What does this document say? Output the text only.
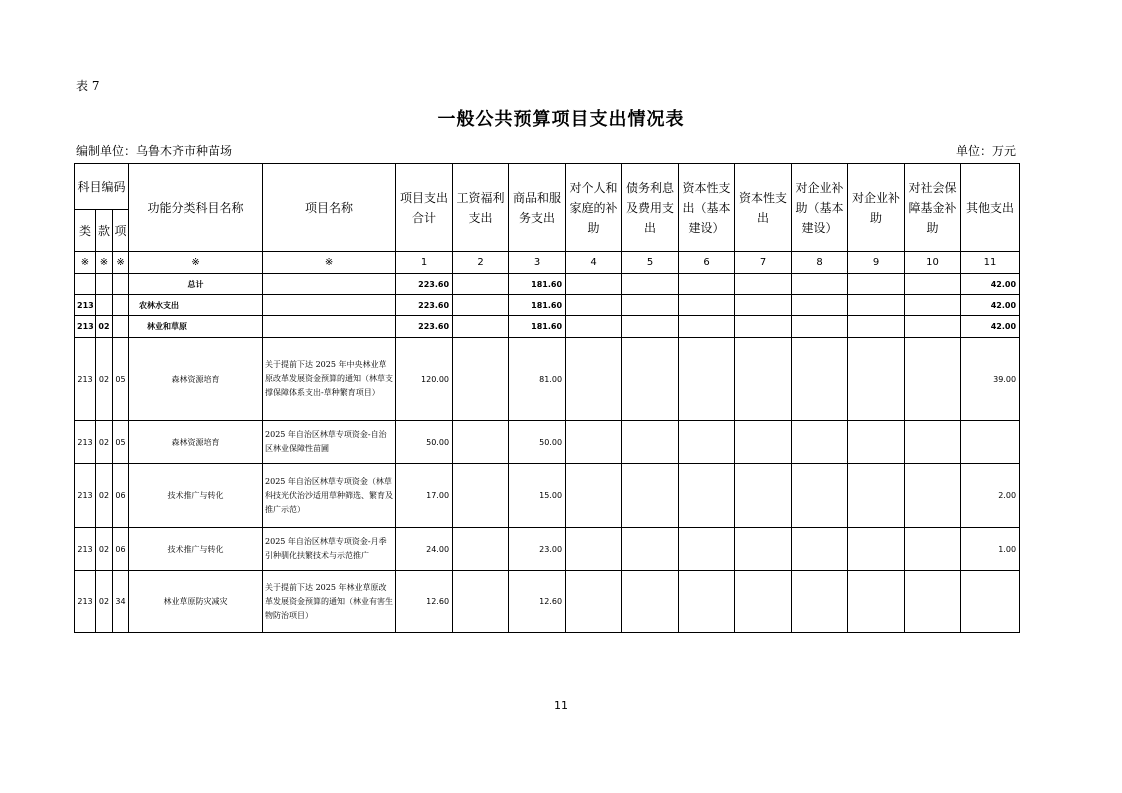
表 7
一般公共预算项目支出情况表
编制单位：乌鲁木齐市种苗场	单位：万元
科目编码			功能分类科目名称	项目名称	项目支出合计	工资福利支出	商品和服务支出	对个人和家庭的补助	债务利息及费用支出	资本性支出（基本建设）	资本性支出	对企业补助（基本建设）	对企业补助	对社会保障基金补助	其他支出
类	款	项													
※	※	※	※	※	1	2	3	4	5	6	7	8	9	10	11
			总计		223.60		181.60								42.00
213			农林水支出		223.60		181.60								42.00
213	02		林业和草原		223.60		181.60								42.00
213	02	05	森林资源培育	关于提前下达 2025 年中央林业草原改革发展资金预算的通知（林草支撑保障体系支出-草种繁育项目）	120.00		81.00								39.00
213	02	05	森林资源培育	2025 年自治区林草专项资金-自治区林业保障性苗圃	50.00		50.00								
213	02	06	技术推广与转化	2025 年自治区林草专项资金（林草科技光伏治沙适用草种筛选、繁育及推广示范）	17.00		15.00								2.00
213	02	06	技术推广与转化	2025 年自治区林草专项资金-月季引种驯化扶繁技术与示范推广	24.00		23.00								1.00
213	02	34	林业草原防灾减灾	关于提前下达 2025 年林业草原改革发展资金预算的通知（林业有害生物防治项目）	12.60		12.60								
11
